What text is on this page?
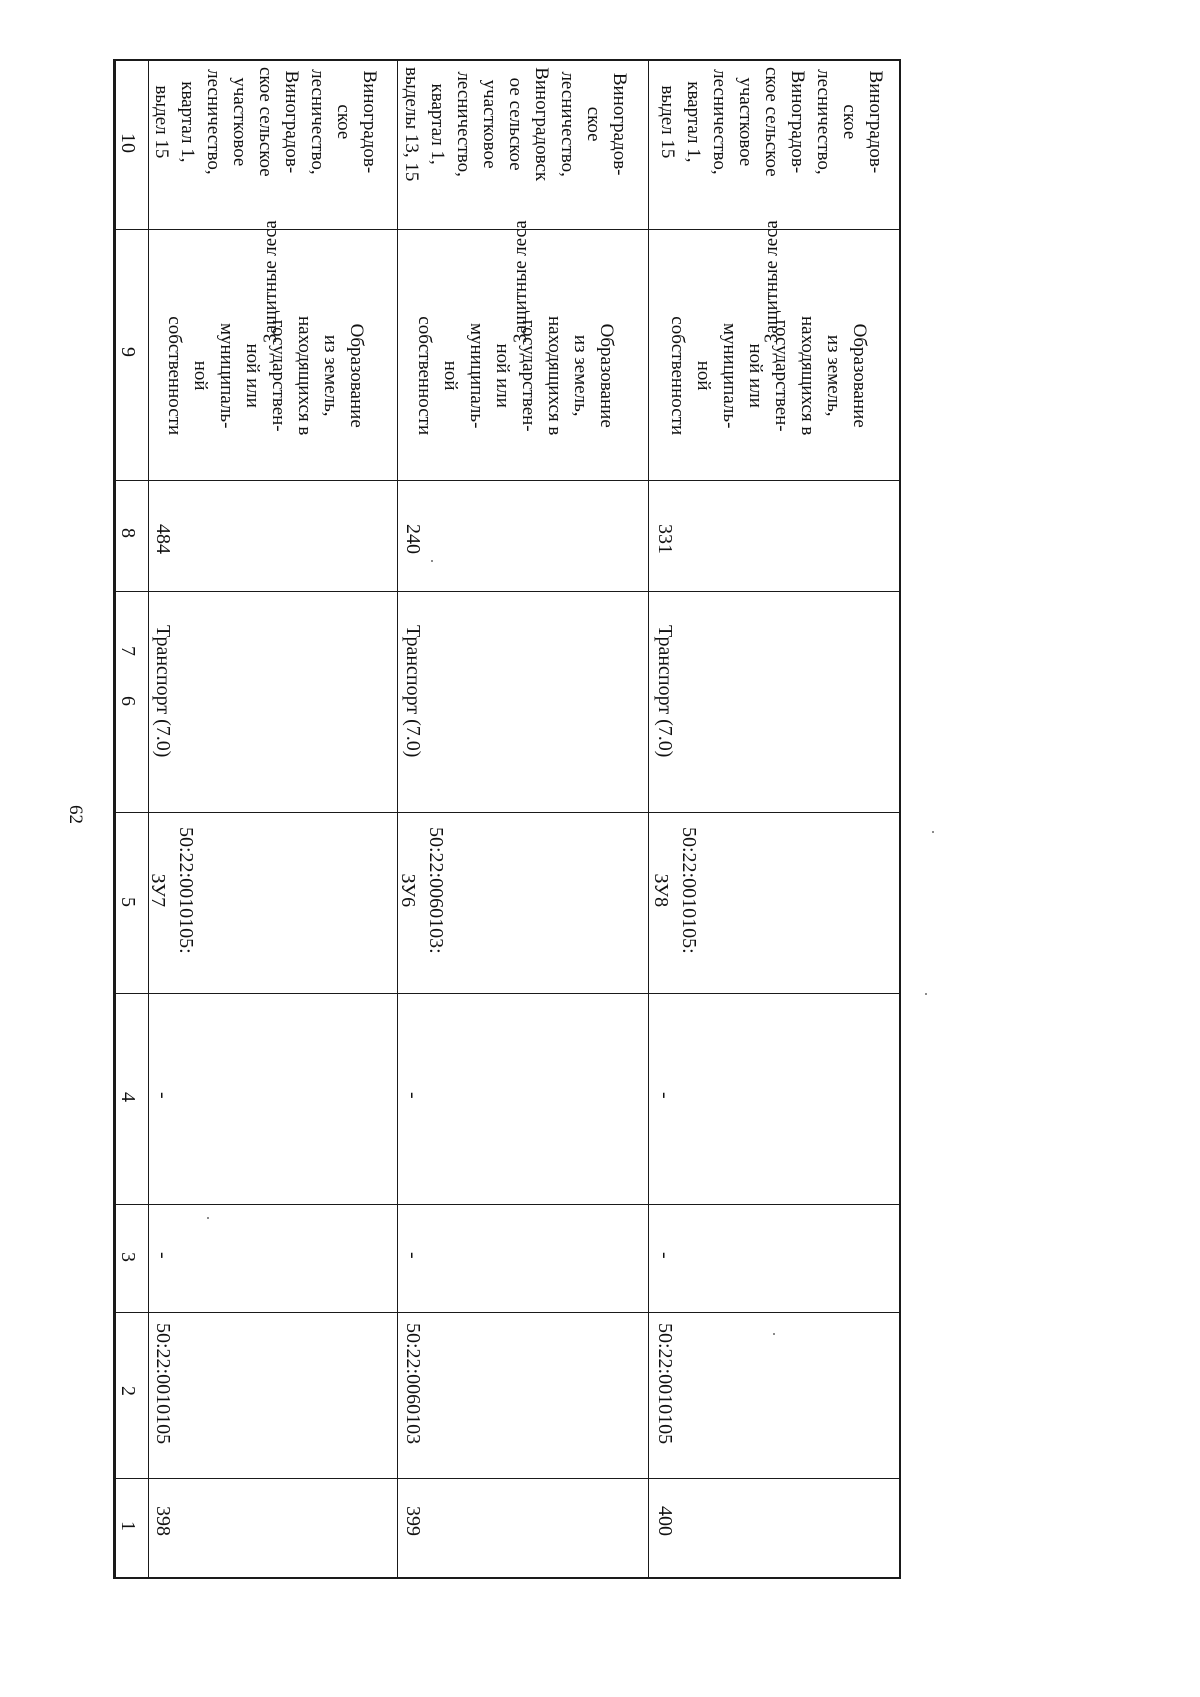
62
10
9
8
7
6
5
4
3
2
1
Виноградов-
ское
лесничество,
Виноградов-
ское сельское
участковое
лесничество,
квартал 1,
выдел 15
Защитные леса
Образование
из земель,
находящихся в
государствен-
ной или
муниципаль-
ной
собственности
484
Транспорт (7.0)
50:22:0010105:
ЗУ7
-
-
50:22:0010105
398
Виноградов-
ское
лесничество,
Виноградовск
ое сельское
участковое
лесничество,
квартал 1,
выделы 13, 15
Защитные леса
Образование
из земель,
находящихся в
государствен-
ной или
муниципаль-
ной
собственности
240
Транспорт (7.0)
50:22:0060103:
ЗУ6
-
-
50:22:0060103
399
Виноградов-
ское
лесничество,
Виноградов-
ское сельское
участковое
лесничество,
квартал 1,
выдел 15
Защитные леса
Образование
из земель,
находящихся в
государствен-
ной или
муниципаль-
ной
собственности
331
Транспорт (7.0)
50:22:0010105:
ЗУ8
-
-
50:22:0010105
400
